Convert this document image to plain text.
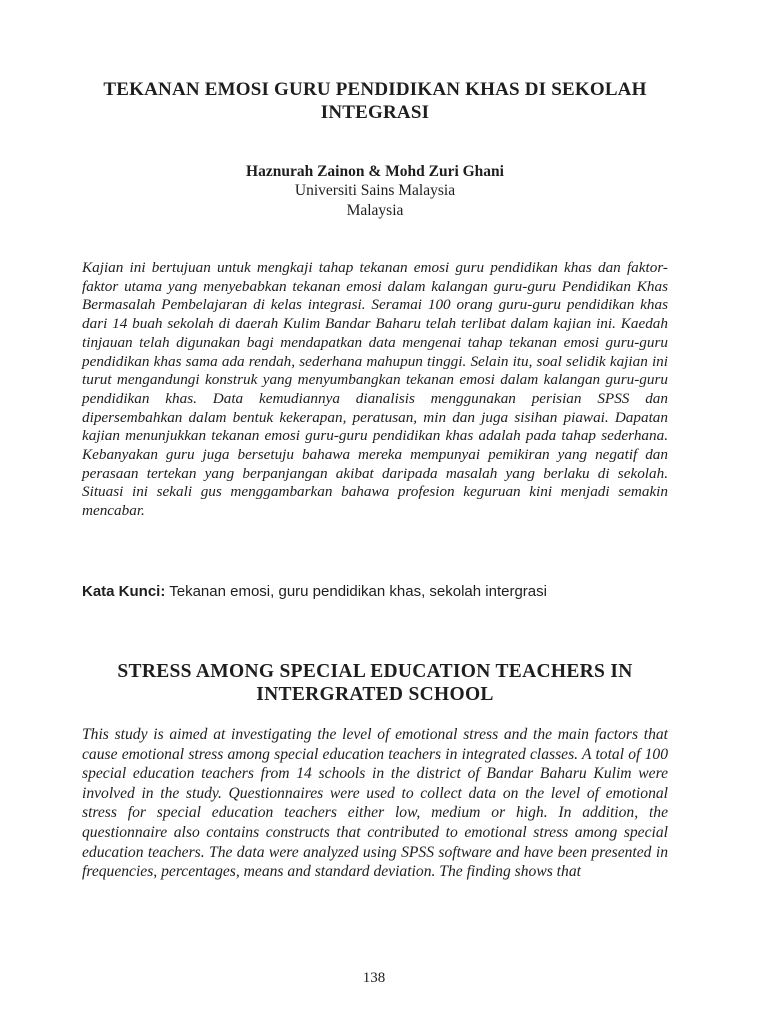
TEKANAN EMOSI GURU PENDIDIKAN KHAS DI SEKOLAH INTEGRASI
Haznurah Zainon & Mohd Zuri Ghani
Universiti Sains Malaysia
Malaysia
Kajian ini bertujuan untuk mengkaji tahap tekanan emosi guru pendidikan khas dan faktor-faktor utama yang menyebabkan tekanan emosi dalam kalangan guru-guru Pendidikan Khas Bermasalah Pembelajaran di kelas integrasi. Seramai 100 orang guru-guru pendidikan khas dari 14 buah sekolah di daerah Kulim Bandar Baharu telah terlibat dalam kajian ini. Kaedah tinjauan telah digunakan bagi mendapatkan data mengenai tahap tekanan emosi guru-guru pendidikan khas sama ada rendah, sederhana mahupun tinggi. Selain itu, soal selidik kajian ini turut mengandungi konstruk yang menyumbangkan tekanan emosi dalam kalangan guru-guru pendidikan khas. Data kemudiannya dianalisis menggunakan perisian SPSS dan dipersembahkan dalam bentuk kekerapan, peratusan, min dan juga sisihan piawai. Dapatan kajian menunjukkan tekanan emosi guru-guru pendidikan khas adalah pada tahap sederhana. Kebanyakan guru juga bersetuju bahawa mereka mempunyai pemikiran yang negatif dan perasaan tertekan yang berpanjangan akibat daripada masalah yang berlaku di sekolah. Situasi ini sekali gus menggambarkan bahawa profesion keguruan kini menjadi semakin mencabar.
Kata Kunci: Tekanan emosi, guru pendidikan khas, sekolah intergrasi
STRESS AMONG SPECIAL EDUCATION TEACHERS IN INTERGRATED SCHOOL
This study is aimed at investigating the level of emotional stress and the main factors that cause emotional stress among special education teachers in integrated classes. A total of 100 special education teachers from 14 schools in the district of Bandar Baharu Kulim were involved in the study. Questionnaires were used to collect data on the level of emotional stress for special education teachers either low, medium or high. In addition, the questionnaire also contains constructs that contributed to emotional stress among special education teachers. The data were analyzed using SPSS software and have been presented in frequencies, percentages, means and standard deviation. The finding shows that
138
